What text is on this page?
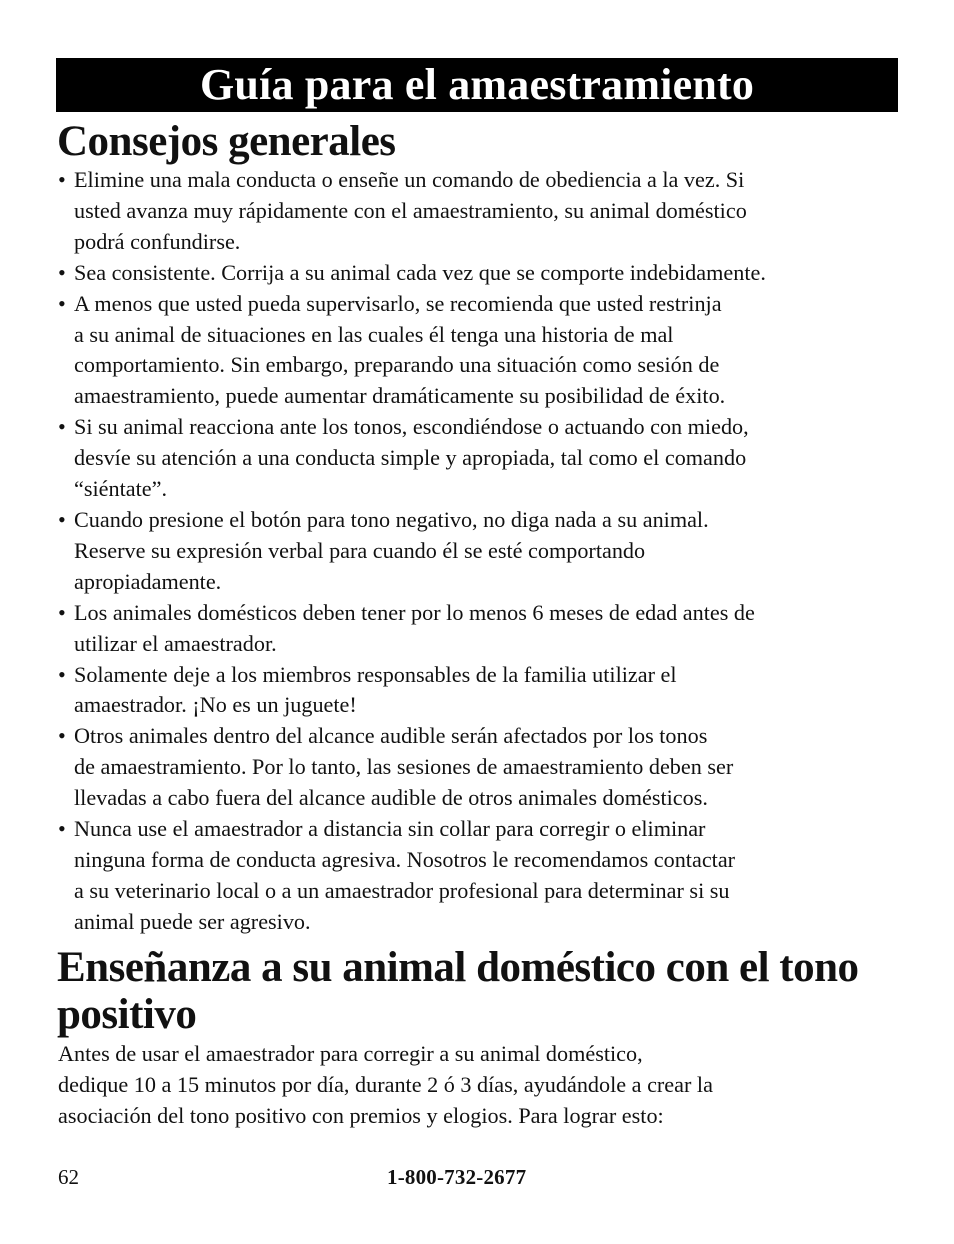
Guía para el amaestramiento
Consejos generales
• Elimine una mala conducta o enseñe un comando de obediencia a la vez. Si
usted avanza muy rápidamente con el amaestramiento, su animal doméstico
podrá confundirse.
• Sea consistente. Corrija a su animal cada vez que se comporte indebidamente.
• A menos que usted pueda supervisarlo, se recomienda que usted restrinja
a su animal de situaciones en las cuales él tenga una historia de mal
comportamiento. Sin embargo, preparando una situación como sesión de
amaestramiento, puede aumentar dramáticamente su posibilidad de éxito.
• Si su animal reacciona ante los tonos, escondiéndose o actuando con miedo,
desvíe su atención a una conducta simple y apropiada, tal como el comando
“siéntate”.
• Cuando presione el botón para tono negativo, no diga nada a su animal.
Reserve su expresión verbal para cuando él se esté comportando
apropiadamente.
• Los animales domésticos deben tener por lo menos 6 meses de edad antes de
utilizar el amaestrador.
• Solamente deje a los miembros responsables de la familia utilizar el
amaestrador. ¡No es un juguete!
• Otros animales dentro del alcance audible serán afectados por los tonos
de amaestramiento. Por lo tanto, las sesiones de amaestramiento deben ser
llevadas a cabo fuera del alcance audible de otros animales domésticos.
• Nunca use el amaestrador a distancia sin collar para corregir o eliminar
ninguna forma de conducta agresiva. Nosotros le recomendamos contactar
a su veterinario local o a un amaestrador profesional para determinar si su
animal puede ser agresivo.
Enseñanza a su animal doméstico con el tono positivo
Antes de usar el amaestrador para corregir a su animal doméstico,
dedique 10 a 15 minutos por día, durante 2 ó 3 días, ayudándole a crear la
asociación del tono positivo con premios y elogios. Para lograr esto:
62	1-800-732-2677
